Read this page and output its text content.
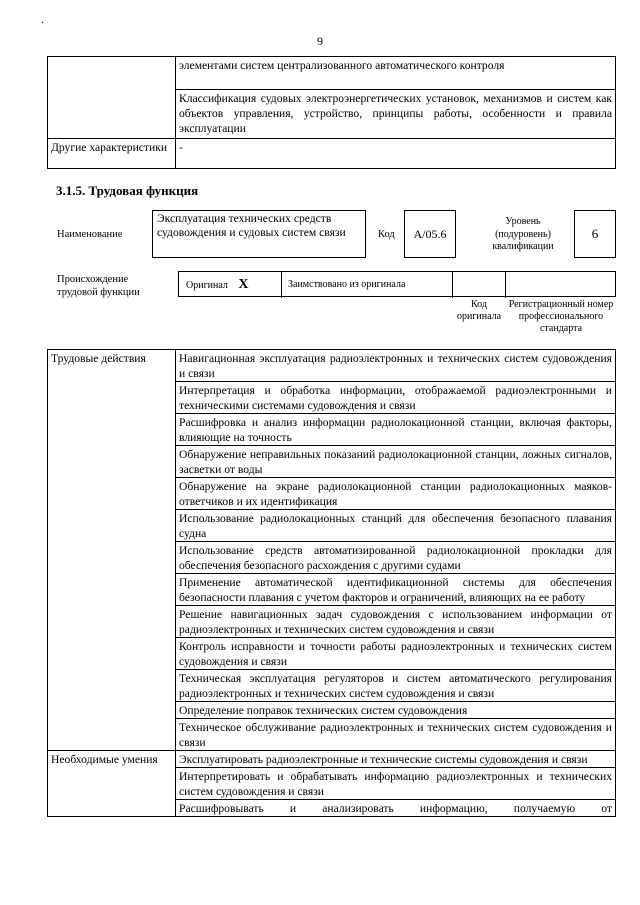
.
9
	элементами систем централизованного автоматического контроля
	Классификация судовых электроэнергетических установок, механизмов и систем как объектов управления, устройство, принципы работы, особенности и правила эксплуатации
Другие характеристики	-
3.1.5. Трудовая функция
Наименование
Эксплуатация технических средств судовождения и судовых систем связи	Код	A/05.6
Уровень (подуровень) квалификации
6
Происхождение трудовой функции
Оригинал X	Заимствовано из оригинала
Код оригинала
Регистрационный номер профессионального стандарта
Трудовые действия	Навигационная эксплуатация радиоэлектронных и технических систем судовождения и связи
	Интерпретация и обработка информации, отображаемой радиоэлектронными и техническими системами судовождения и связи
	Расшифровка и анализ информации радиолокационной станции, включая факторы, влияющие на точность
	Обнаружение неправильных показаний радиолокационной станции, ложных сигналов, засветки от воды
	Обнаружение на экране радиолокационной станции радиолокационных маяков-ответчиков и их идентификация
	Использование радиолокационных станций для обеспечения безопасного плавания судна
	Использование средств автоматизированной радиолокационной прокладки для обеспечения безопасного расхождения с другими судами
	Применение автоматической идентификационной системы для обеспечения безопасности плавания с учетом факторов и ограничений, влияющих на ее работу
	Решение навигационных задач судовождения с использованием информации от радиоэлектронных и технических систем судовождения и связи
	Контроль исправности и точности работы радиоэлектронных и технических систем судовождения и связи
	Техническая эксплуатация регуляторов и систем автоматического регулирования радиоэлектронных и технических систем судовождения и связи
	Определение поправок технических систем судовождения
	Техническое обслуживание радиоэлектронных и технических систем судовождения и связи
Необходимые умения	Эксплуатировать радиоэлектронные и технические системы судовождения и связи
	Интерпретировать и обрабатывать информацию радиоэлектронных и технических систем судовождения и связи
	Расшифровывать и анализировать информацию, получаемую от
